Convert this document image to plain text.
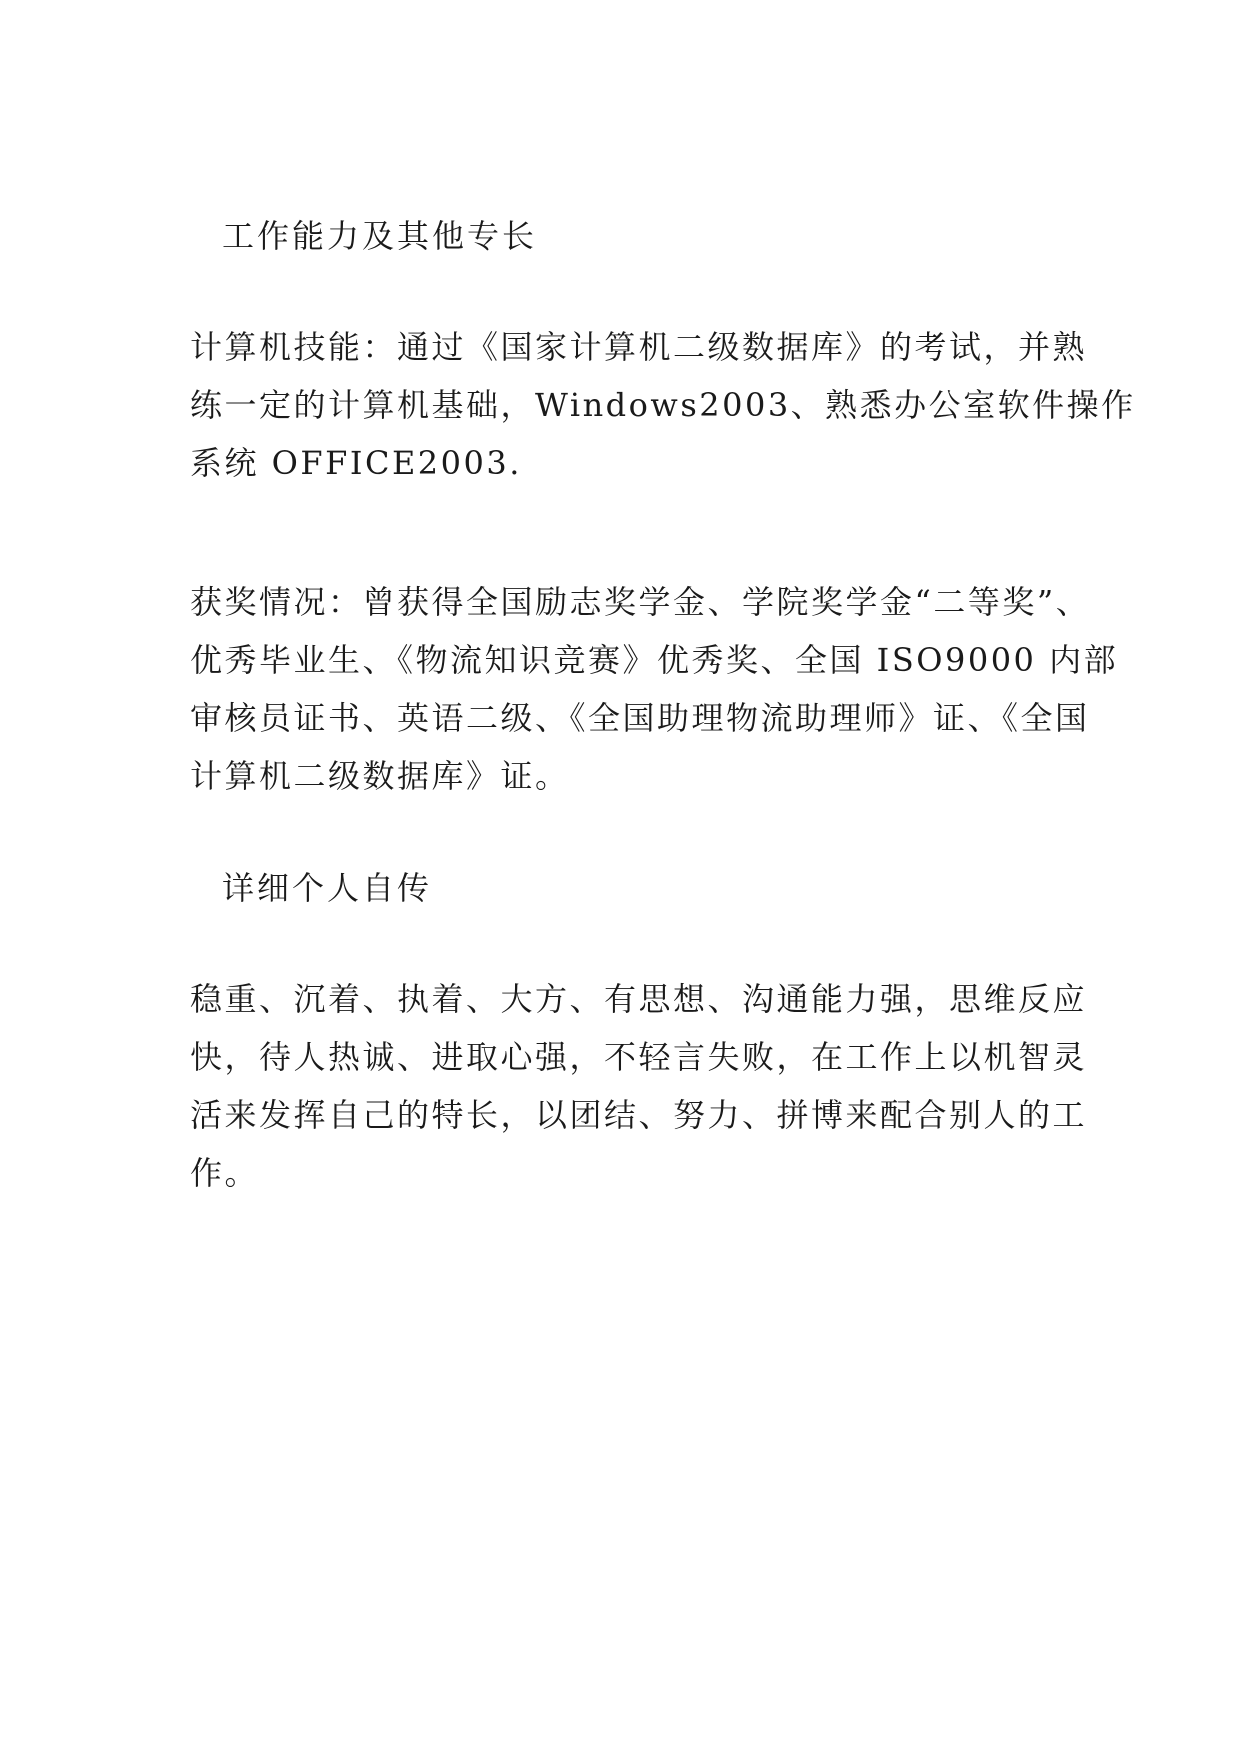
工作能力及其他专长
计算机技能：通过《国家计算机二级数据库》的考试，并熟
练一定的计算机基础，Windows2003、熟悉办公室软件操作
系统 OFFICE2003.
获奖情况：曾获得全国励志奖学金、学院奖学金“二等奖”、
优秀毕业生、《物流知识竞赛》优秀奖、全国 ISO9000 内部
审核员证书、英语二级、《全国助理物流助理师》证、《全国
计算机二级数据库》证。
详细个人自传
稳重、沉着、执着、大方、有思想、沟通能力强，思维反应
快，待人热诚、进取心强，不轻言失败，在工作上以机智灵
活来发挥自己的特长，以团结、努力、拼博来配合别人的工
作。
